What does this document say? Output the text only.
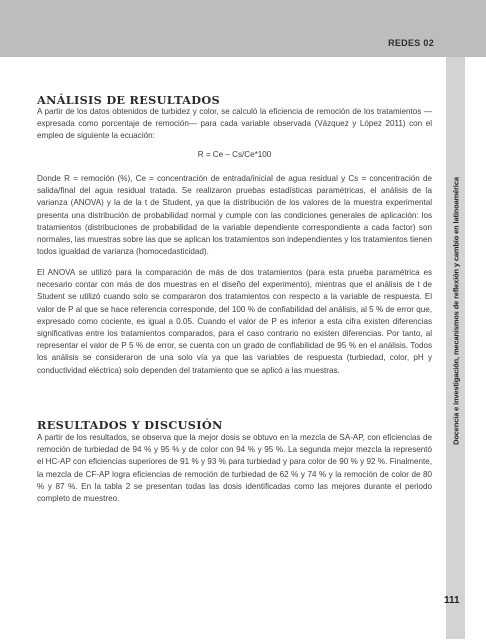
REDES 02
Docencia e investigación, mecanismos de reflexión y cambio en latinoamérica
ANÁLISIS DE RESULTADOS

A partir de los datos obtenidos de turbidez y color, se calculó la eficiencia de remoción de los tratamientos —expresada como porcentaje de remoción— para cada variable observada (Vázquez y López 2011) con el empleo de siguiente la ecuación:

R = Ce – Cs/Ce*100

Donde R = remoción (%), Ce = concentración de entrada/inicial de agua residual y Cs = concentración de salida/final del agua residual tratada. Se realizaron pruebas estadísticas paramétricas, el análisis de la varianza (ANOVA) y la de la t de Student, ya que la distribución de los valores de la muestra experimental presenta una distribución de probabilidad normal y cumple con las condiciones generales de aplicación: los tratamientos (distribuciones de probabilidad de la variable dependiente correspondiente a cada factor) son normales, las muestras sobre las que se aplican los tratamientos son independientes y los tratamientos tienen todos igualdad de varianza (homocedasticidad).

El ANOVA se utilizó para la comparación de más de dos tratamientos (para esta prueba paramétrica es necesario contar con más de dos muestras en el diseño del experimento), mientras que el análisis de t de Student se utilizó cuando solo se compararon dos tratamientos con respecto a la variable de respuesta. El valor de P al que se hace referencia corresponde, del 100 % de confiabilidad del análisis, al 5 % de error que, expresado como cociente, es igual a 0.05. Cuando el valor de P es inferior a esta cifra existen diferencias significativas entre los tratamientos comparados, para el caso contrario no existen diferencias. Por tanto, al representar el valor de P 5 % de error, se cuenta con un grado de confiabilidad de 95 % en el análisis. Todos los análisis se consideraron de una solo vía ya que las variables de respuesta (turbiedad, color, pH y conductividad eléctrica) solo dependen del tratamiento que se aplicó a las muestras.

RESULTADOS Y DISCUSIÓN

A partir de los resultados, se observa que la mejor dosis se obtuvo en la mezcla de SA-AP, con eficiencias de remoción de turbiedad de 94 % y 95 % y de color con 94 % y 95 %. La segunda mejor mezcla la representó el HC-AP con eficiencias superiores de 91 % y 93 % para turbiedad y para color de 90 % y 92 %. Finalmente, la mezcla de CF-AP logra eficiencias de remoción de turbiedad de 62 % y 74 % y la remoción de color de 80 % y 87 %. En la tabla 2 se presentan todas las dosis identificadas como las mejores durante el periodo completo de muestreo.

111
